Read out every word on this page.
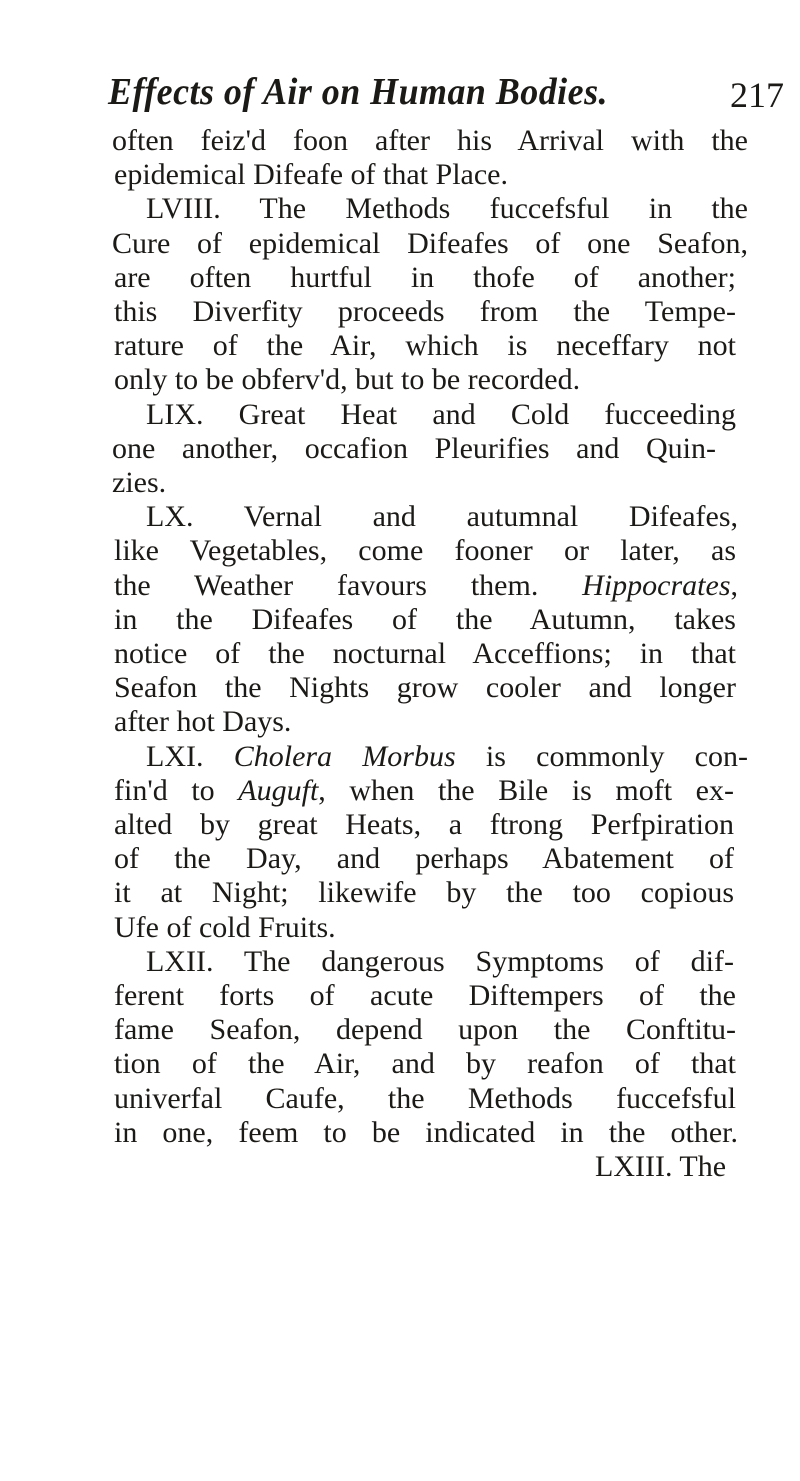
Effects of Air on Human Bodies.	217
often feiz'd foon after his Arrival with the
epidemical Difeafe of that Place.
LVIII. The Methods fuccefsful in the
Cure of epidemical Difeafes of one Seafon,
are often hurtful in thofe of another;
this Diverfity proceeds from the Tempe-
rature of the Air, which is neceffary not
only to be obferv'd, but to be recorded.
LIX. Great Heat and Cold fucceeding
one another, occafion Pleurifies and Quin-
zies.
LX. Vernal and autumnal Difeafes,
like Vegetables, come fooner or later, as
the Weather favours them. Hippocrates,
in the Difeafes of the Autumn, takes
notice of the nocturnal Acceffions; in that
Seafon the Nights grow cooler and longer
after hot Days.
LXI. Cholera Morbus is commonly con-
fin'd to Auguft, when the Bile is moft ex-
alted by great Heats, a ftrong Perfpiration
of the Day, and perhaps Abatement of
it at Night; likewife by the too copious
Ufe of cold Fruits.
LXII. The dangerous Symptoms of dif-
ferent forts of acute Diftempers of the
fame Seafon, depend upon the Conftitu-
tion of the Air, and by reafon of that
univerfal Caufe, the Methods fuccefsful
in one, feem to be indicated in the other.
LXIII. The
